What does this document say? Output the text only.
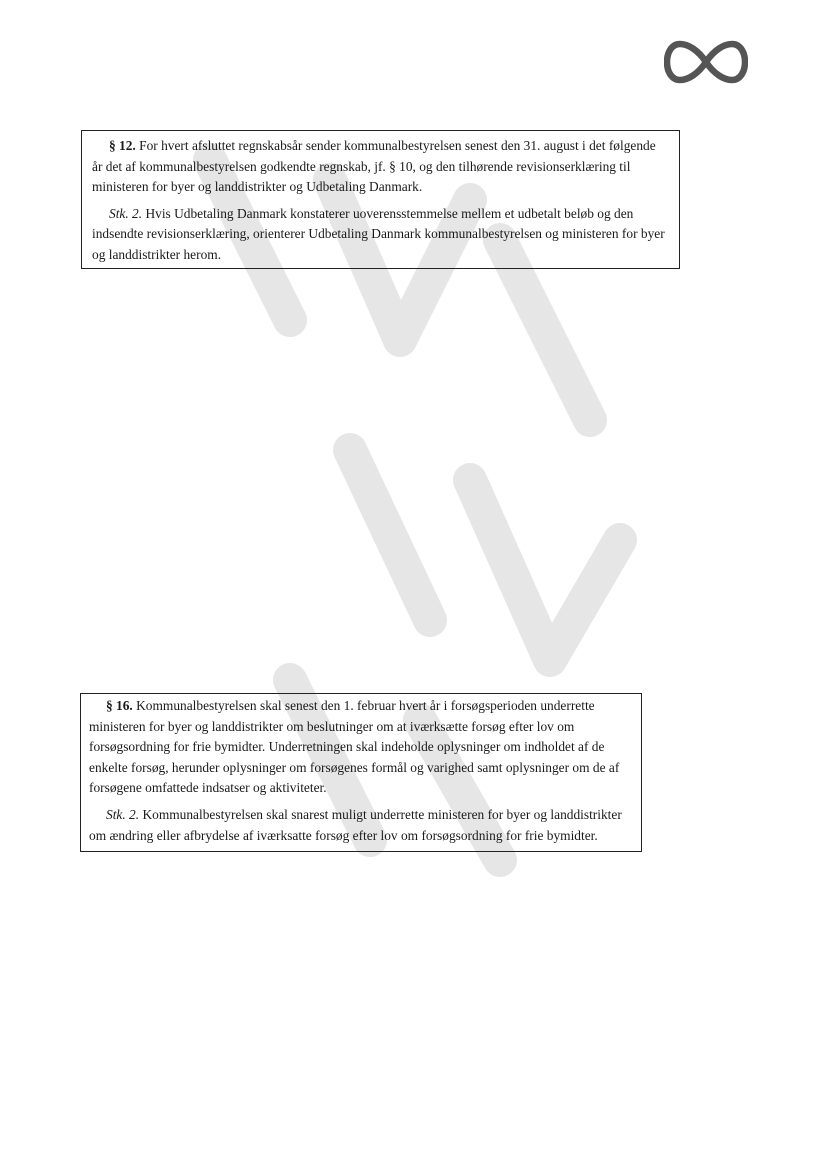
§ 12. For hvert afsluttet regnskabsår sender kommunalbestyrelsen senest den 31. august i det følgende år det af kommunalbestyrelsen godkendte regnskab, jf. § 10, og den tilhørende revisionserklæring til ministeren for byer og landdistrikter og Udbetaling Danmark.

Stk. 2. Hvis Udbetaling Danmark konstaterer uoverensstemmelse mellem et udbetalt beløb og den indsendte revisionserklæring, orienterer Udbetaling Danmark kommunalbestyrelsen og ministeren for byer og landdistrikter herom.

§ 16. Kommunalbestyrelsen skal senest den 1. februar hvert år i forsøgsperioden underrette ministeren for byer og landdistrikter om beslutninger om at iværksætte forsøg efter lov om forsøgsordning for frie bymidter. Underretningen skal indeholde oplysninger om indholdet af de enkelte forsøg, herunder oplysninger om forsøgenes formål og varighed samt oplysninger om de af forsøgene omfattede indsatser og aktiviteter.

Stk. 2. Kommunalbestyrelsen skal snarest muligt underrette ministeren for byer og landdistrikter om ændring eller afbrydelse af iværksatte forsøg efter lov om forsøgsordning for frie bymidter.
